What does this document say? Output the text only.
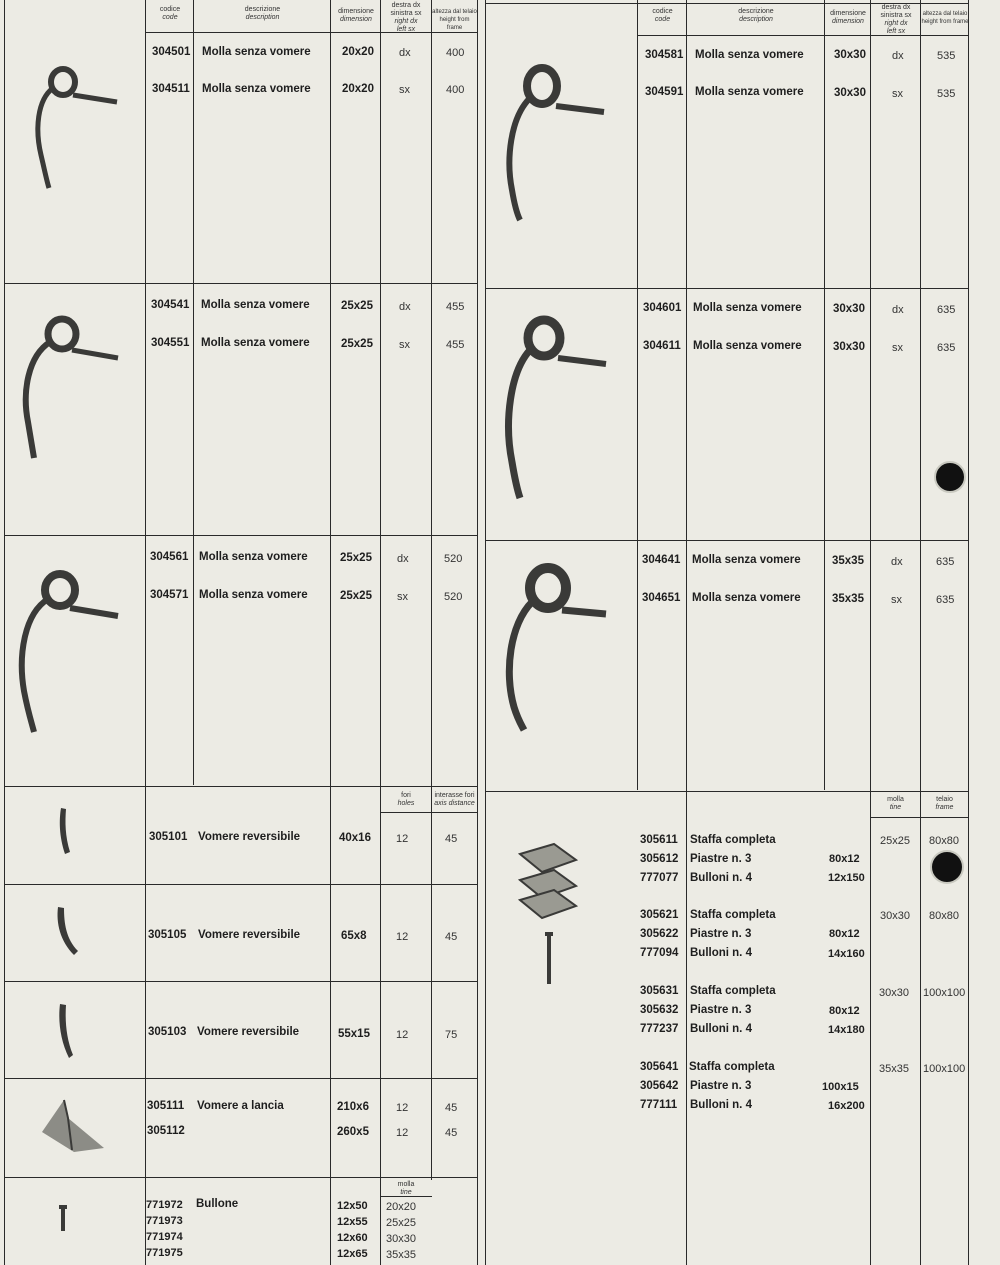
codice
code
descrizione
description
dimensione
dimension
destra dx
sinistra sx
right dx
left sx
altezza dal telaio
height from frame
codice
code
descrizione
description
dimensione
dimension
destra dx
sinistra sx
right dx
left sx
altezza dal telaio
height from frame
304501 Molla senza vomere	20x20 dx	400
304511 Molla senza vomere	20x20 sx	400
304541 Molla senza vomere	25x25 dx	455
304551 Molla senza vomere	25x25 sx	455
304561 Molla senza vomere	25x25 dx	520
304571 Molla senza vomere	25x25 sx	520
304581 Molla senza vomere	30x30 dx	535
304591 Molla senza vomere	30x30 sx	535
304601 Molla senza vomere	30x30 dx	635
304611 Molla senza vomere	30x30 sx	635
304641 Molla senza vomere	35x35 dx	635
304651 Molla senza vomere	35x35 sx	635
fori
holes
interasse fori
axis distance
305101 Vomere reversibile	40x16 12	45
305105 Vomere reversibile	65x8	12	45
305103 Vomere reversibile	55x15 12	75
305111 Vomere a lancia	210x6 12	45
305112	260x5 12	45
molla
tine
Bullone
771972	12x50 20x20
771973	12x55 25x25
771974	12x60 30x30
771975	12x65 35x35
molla
tine
telaio
frame
305611 Staffa completa	25x25 80x80
305612 Piastre n. 3	80x12
777077 Bulloni n. 4	12x150
305621 Staffa completa	30x30 80x80
305622 Piastre n. 3	80x12
777094 Bulloni n. 4	14x160
305631 Staffa completa	30x30 100x100
305632 Piastre n. 3	80x12
777237 Bulloni n. 4	14x180
305641 Staffa completa	35x35 100x100
305642 Piastre n. 3	100x15
777111 Bulloni n. 4	16x200
